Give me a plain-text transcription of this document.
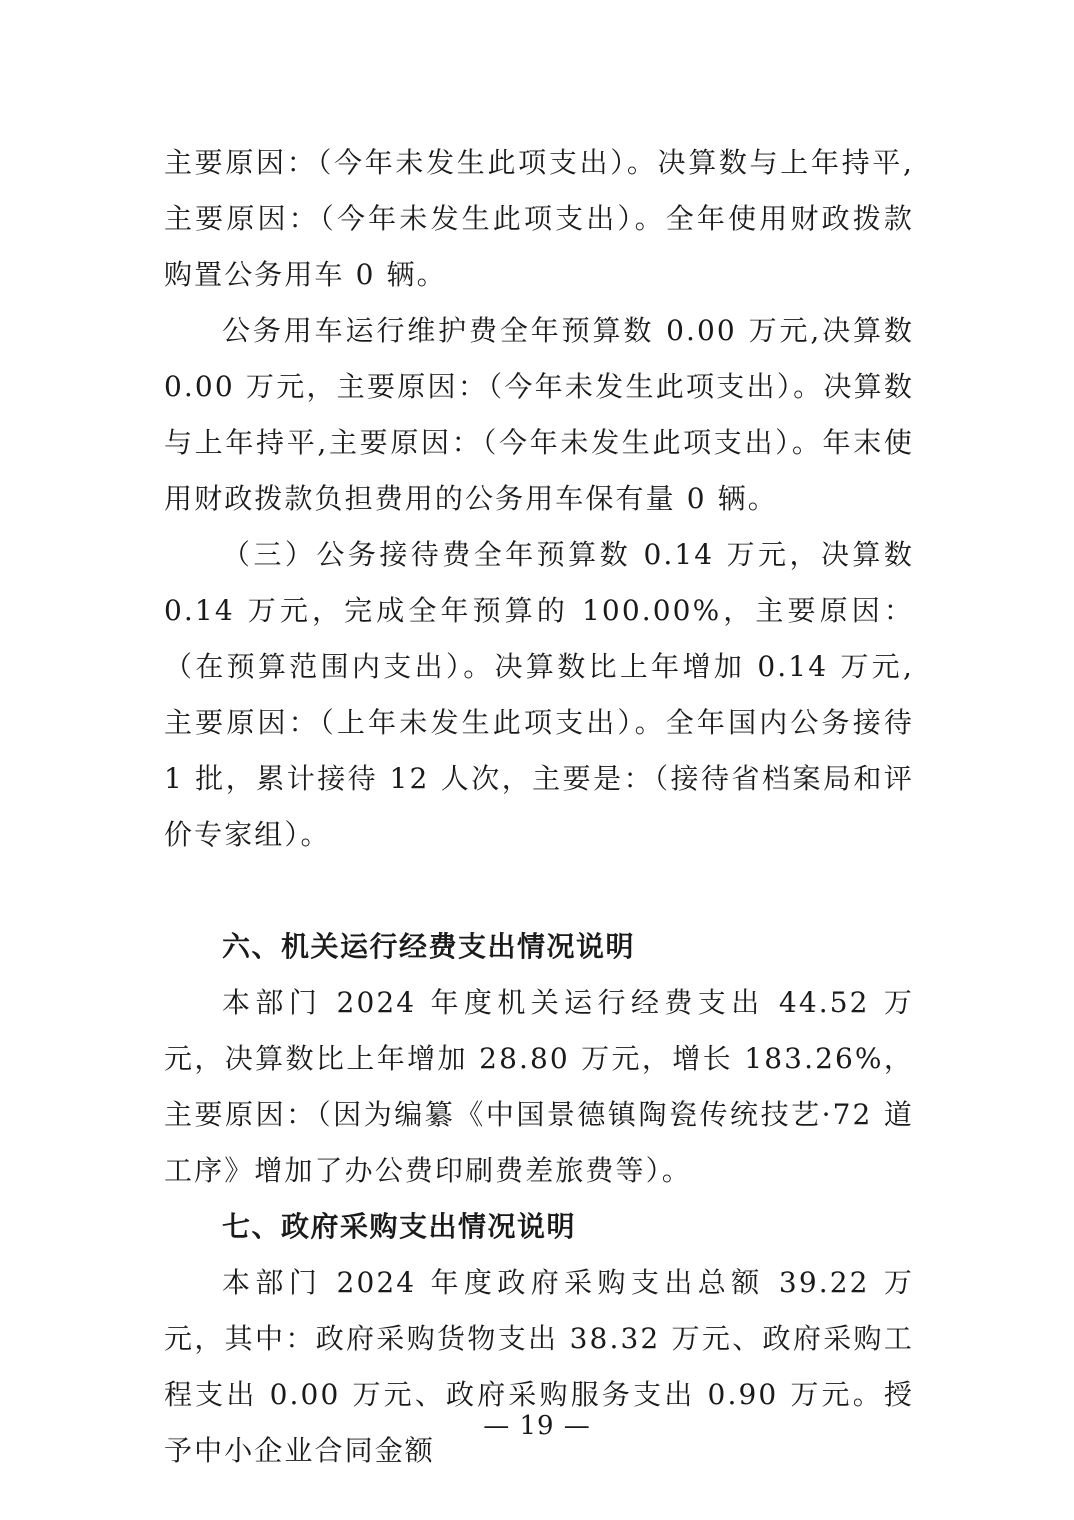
主要原因：（今年未发生此项支出）。决算数与上年持平,主要原因：（今年未发生此项支出）。全年使用财政拨款购置公务用车 0 辆。

公务用车运行维护费全年预算数 0.00 万元,决算数 0.00 万元，主要原因：（今年未发生此项支出）。决算数与上年持平,主要原因：（今年未发生此项支出）。年末使用财政拨款负担费用的公务用车保有量 0 辆。

（三）公务接待费全年预算数 0.14 万元，决算数 0.14 万元，完成全年预算的 100.00%，主要原因：（在预算范围内支出）。决算数比上年增加 0.14 万元,主要原因：（上年未发生此项支出）。全年国内公务接待 1 批，累计接待 12 人次，主要是：（接待省档案局和评价专家组）。

六、机关运行经费支出情况说明

本部门 2024 年度机关运行经费支出 44.52 万元，决算数比上年增加 28.80 万元，增长 183.26%，主要原因：（因为编纂《中国景德镇陶瓷传统技艺·72 道工序》增加了办公费印刷费差旅费等）。

七、政府采购支出情况说明

本部门 2024 年度政府采购支出总额 39.22 万元，其中：政府采购货物支出 38.32 万元、政府采购工程支出 0.00 万元、政府采购服务支出 0.90 万元。授予中小企业合同金额

— 19 —
